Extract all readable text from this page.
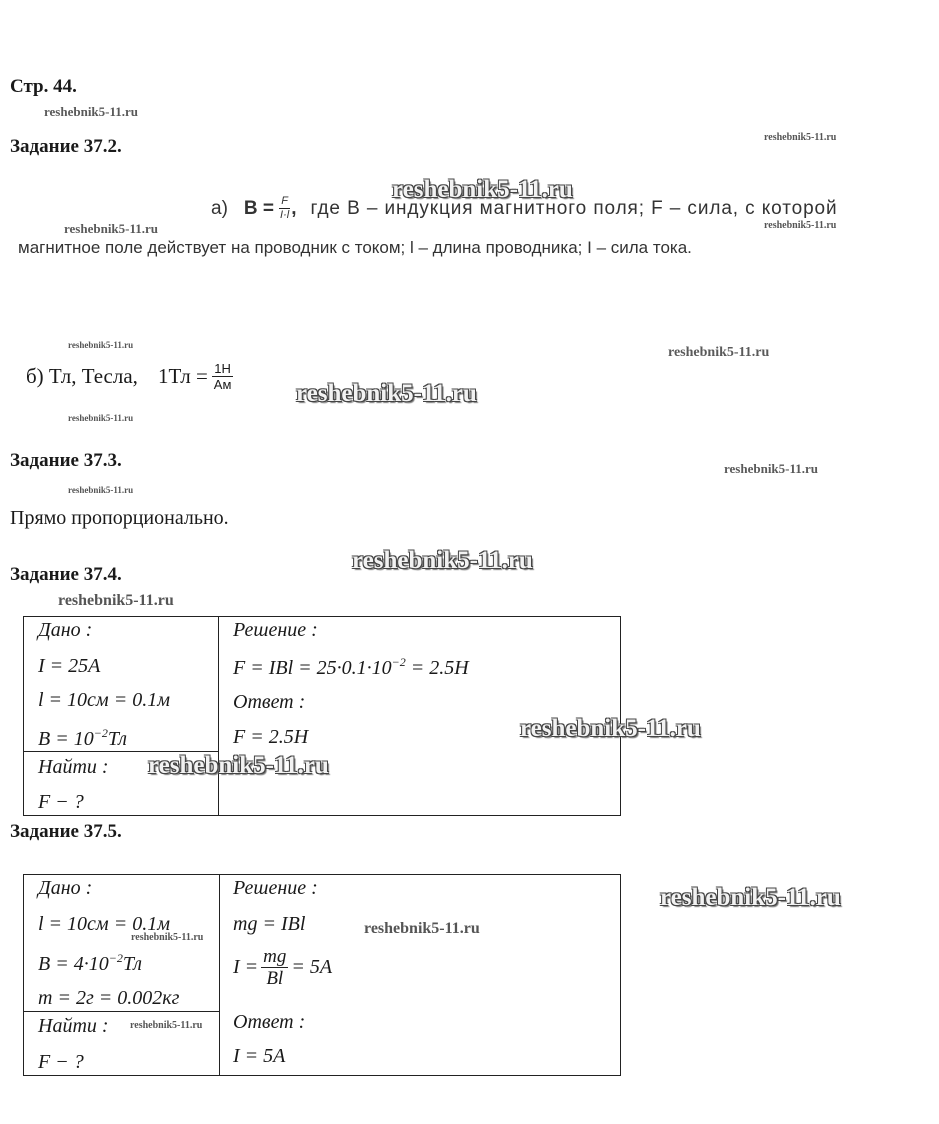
Стр. 44.
Задание 37.2.
а) $B = \frac{F}{I\cdot l}$ , где B – индукция магнитного поля; F – сила, с которой
магнитное поле действует на проводник с током; l – длина проводника; I – сила тока.
б) Тл, Тесла, $1Тл = \frac{1Н}{Ам}$
Задание 37.3.
Прямо пропорционально.
Задание 37.4.
Дано :
I = 25A
l = 10см = 0.1м
$B = 10^{-2}Тл$
Найти :
F − ?
Решение :
F = IBl = $25\cdot 0.1\cdot 10^{-2} = 2.5H$
Ответ :
F = 2.5H
Задание 37.5.
Дано :
l = 10см = 0.1м
$B = 4\cdot 10^{-2}Тл$
m = 2г = 0.002кг
Найти :
F − ?
Решение :
mg = IBl
$I = \frac{mg}{Bl} = 5A$
Ответ :
I = 5A
reshebnik5-11.ru
reshebnik5-11.ru
reshebnik5-11.ru
reshebnik5-11.ru	reshebnik5-11.ru
reshebnik5-11.ru	reshebnik5-11.ru
reshebnik5-11.ru
reshebnik5-11.ru
reshebnik5-11.ru
reshebnik5-11.ru
reshebnik5-11.ru
reshebnik5-11.ru
reshebnik5-11.ru
reshebnik5-11.ru
reshebnik5-11.ru
reshebnik5-11.ru
reshebnik5-11.ru
reshebnik5-11.ru
